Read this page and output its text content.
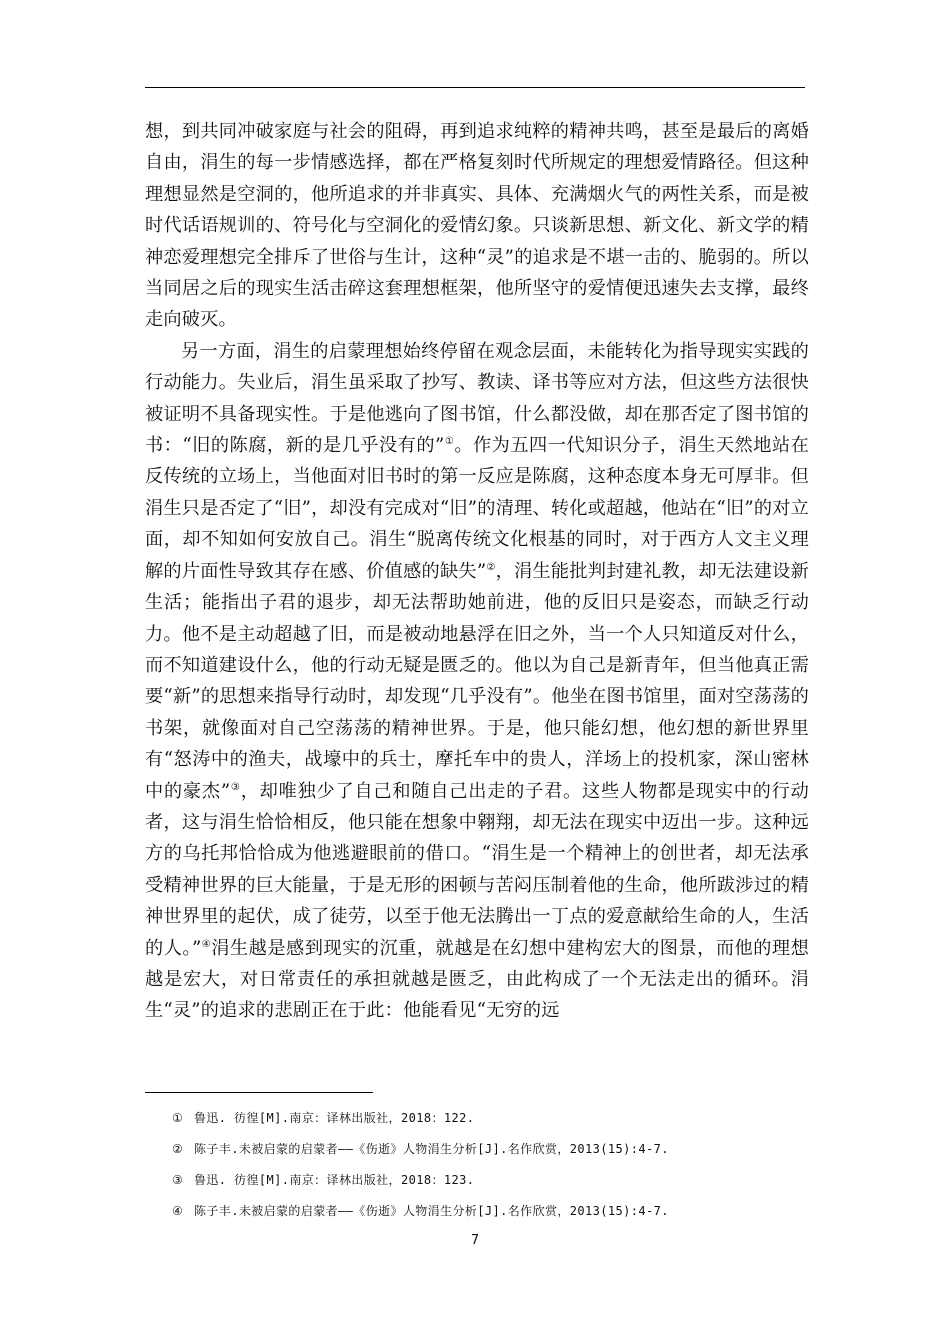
想，到共同冲破家庭与社会的阻碍，再到追求纯粹的精神共鸣，甚至是最后的离婚自由，涓生的每一步情感选择，都在严格复刻时代所规定的理想爱情路径。但这种理想显然是空洞的，他所追求的并非真实、具体、充满烟火气的两性关系，而是被时代话语规训的、符号化与空洞化的爱情幻象。只谈新思想、新文化、新文学的精神恋爱理想完全排斥了世俗与生计，这种“灵”的追求是不堪一击的、脆弱的。所以当同居之后的现实生活击碎这套理想框架，他所坚守的爱情便迅速失去支撑，最终走向破灭。

另一方面，涓生的启蒙理想始终停留在观念层面，未能转化为指导现实实践的行动能力。失业后，涓生虽采取了抄写、教读、译书等应对方法，但这些方法很快被证明不具备现实性。于是他逃向了图书馆，什么都没做，却在那否定了图书馆的书：“旧的陈腐，新的是几乎没有的”①。作为五四一代知识分子，涓生天然地站在反传统的立场上，当他面对旧书时的第一反应是陈腐，这种态度本身无可厚非。但涓生只是否定了“旧”，却没有完成对“旧”的清理、转化或超越，他站在“旧”的对立面，却不知如何安放自己。涓生“脱离传统文化根基的同时，对于西方人文主义理解的片面性导致其存在感、价值感的缺失”②，涓生能批判封建礼教，却无法建设新生活；能指出子君的退步，却无法帮助她前进，他的反旧只是姿态，而缺乏行动力。他不是主动超越了旧，而是被动地悬浮在旧之外，当一个人只知道反对什么，而不知道建设什么，他的行动无疑是匮乏的。他以为自己是新青年，但当他真正需要“新”的思想来指导行动时，却发现“几乎没有”。他坐在图书馆里，面对空荡荡的书架，就像面对自己空荡荡的精神世界。于是，他只能幻想，他幻想的新世界里有“怒涛中的渔夫，战壕中的兵士，摩托车中的贵人，洋场上的投机家，深山密林中的豪杰”③，却唯独少了自己和随自己出走的子君。这些人物都是现实中的行动者，这与涓生恰恰相反，他只能在想象中翱翔，却无法在现实中迈出一步。这种远方的乌托邦恰恰成为他逃避眼前的借口。“涓生是一个精神上的创世者，却无法承受精神世界的巨大能量，于是无形的困顿与苦闷压制着他的生命，他所跋涉过的精神世界里的起伏，成了徒劳，以至于他无法腾出一丁点的爱意献给生命的人，生活的人。”④涓生越是感到现实的沉重，就越是在幻想中建构宏大的图景，而他的理想越是宏大，对日常责任的承担就越是匮乏，由此构成了一个无法走出的循环。涓生“灵”的追求的悲剧正在于此：他能看见“无穷的远

① 鲁迅. 彷徨[M].南京：译林出版社，2018：122.
② 陈子丰.未被启蒙的启蒙者——《伤逝》人物涓生分析[J].名作欣赏，2013(15):4-7.
③ 鲁迅. 彷徨[M].南京：译林出版社，2018：123.
④ 陈子丰.未被启蒙的启蒙者——《伤逝》人物涓生分析[J].名作欣赏，2013(15):4-7.
7
